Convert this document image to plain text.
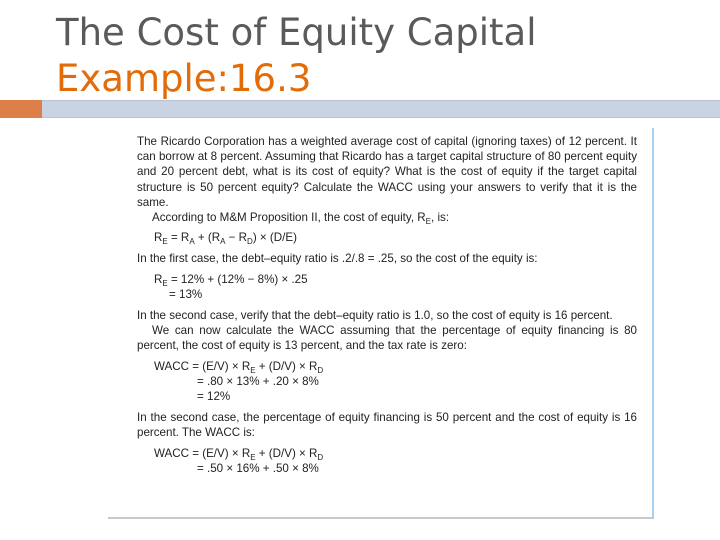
The Cost of Equity Capital
Example:16.3

The Ricardo Corporation has a weighted average cost of capital (ignoring taxes) of 12 percent. It can borrow at 8 percent. Assuming that Ricardo has a target capital structure of 80 percent equity and 20 percent debt, what is its cost of equity? What is the cost of equity if the target capital structure is 50 percent equity? Calculate the WACC using your answers to verify that it is the same.

According to M&M Proposition II, the cost of equity, $R_E$, is:

$R_E = R_A + (R_A - R_D) \times (D/E)$

In the first case, the debt–equity ratio is .2/.8 = .25, so the cost of the equity is:

$R_E = 12\% + (12\% - 8\%) \times .25$
= 13%

In the second case, verify that the debt–equity ratio is 1.0, so the cost of equity is 16 percent.

We can now calculate the WACC assuming that the percentage of equity financing is 80 percent, the cost of equity is 13 percent, and the tax rate is zero:

WACC = $(E/V) \times R_E + (D/V) \times R_D$
= .80 × 13% + .20 × 8%
= 12%

In the second case, the percentage of equity financing is 50 percent and the cost of equity is 16 percent. The WACC is:

WACC = $(E/V) \times R_E + (D/V) \times R_D$
= .50 × 16% + .50 × 8%
